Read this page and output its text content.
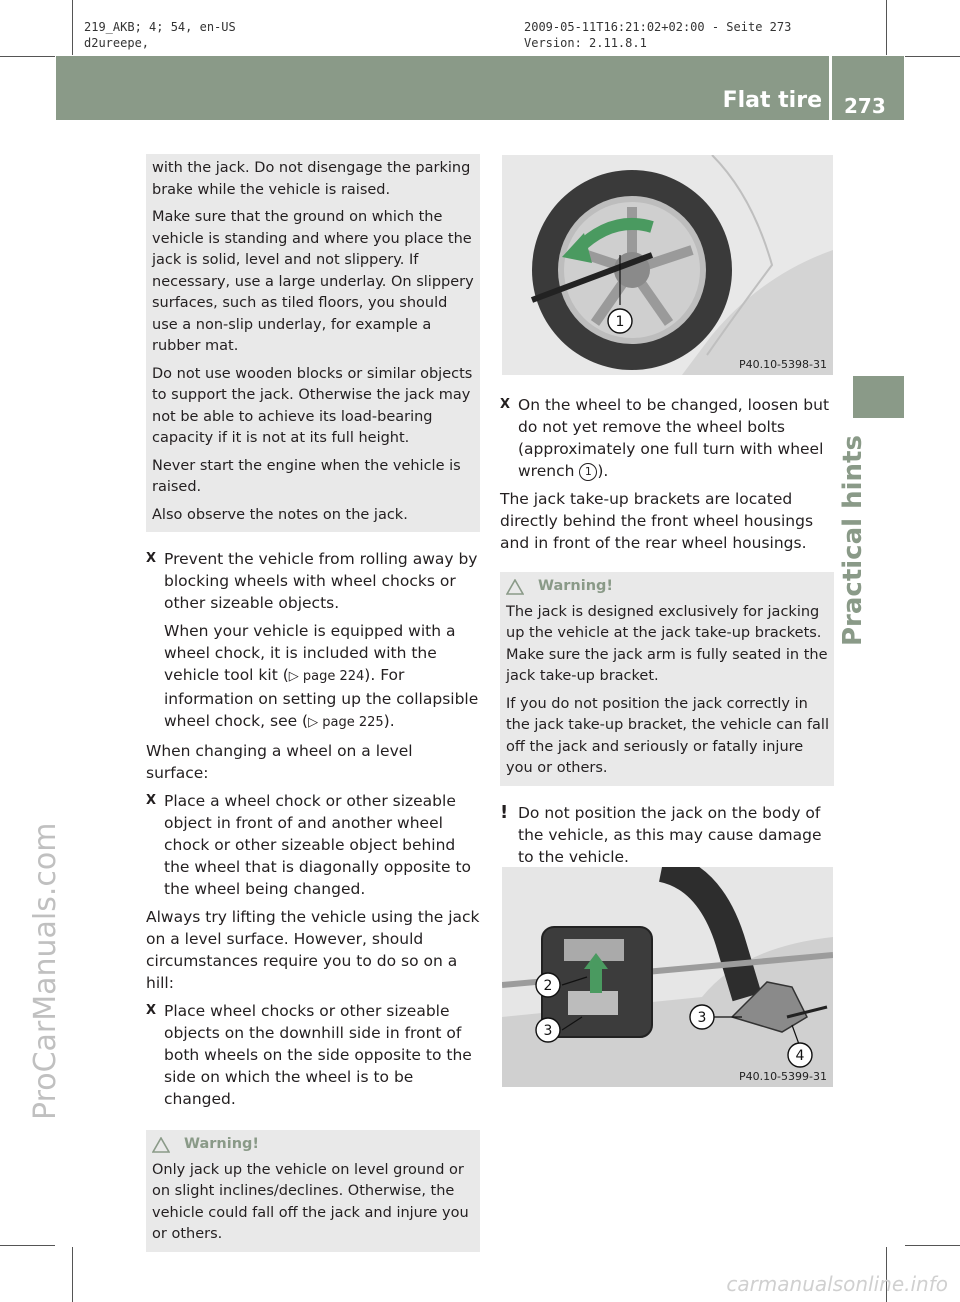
219_AKB; 4; 54, en-US
d2ureepe,
2009-05-11T16:21:02+02:00 - Seite 273
Version: 2.11.8.1
Flat tire 273
Practical hints
ProCarManuals.com
carmanualsonline.info

with the jack. Do not disengage the parking brake while the vehicle is raised.

Make sure that the ground on which the vehicle is standing and where you place the jack is solid, level and not slippery. If necessary, use a large underlay. On slippery surfaces, such as tiled floors, you should use a non-slip underlay, for example a rubber mat.

Do not use wooden blocks or similar objects to support the jack. Otherwise the jack may not be able to achieve its load-bearing capacity if it is not at its full height.

Never start the engine when the vehicle is raised.

Also observe the notes on the jack.

X Prevent the vehicle from rolling away by blocking wheels with wheel chocks or other sizeable objects.
When your vehicle is equipped with a wheel chock, it is included with the vehicle tool kit (▷ page 224). For information on setting up the collapsible wheel chock, see (▷ page 225).

When changing a wheel on a level surface:

X Place a wheel chock or other sizeable object in front of and another wheel chock or other sizeable object behind the wheel that is diagonally opposite to the wheel being changed.

Always try lifting the vehicle using the jack on a level surface. However, should circumstances require you to do so on a hill:

X Place wheel chocks or other sizeable objects on the downhill side in front of both wheels on the side opposite to the side on which the wheel is to be changed.
Warning!

Only jack up the vehicle on level ground or on slight inclines/declines. Otherwise, the vehicle could fall off the jack and injure you or others.

1
P40.10-5398-31
X On the wheel to be changed, loosen but do not yet remove the wheel bolts (approximately one full turn with wheel wrench 1 ).

The jack take-up brackets are located directly behind the front wheel housings and in front of the rear wheel housings.

Warning!

The jack is designed exclusively for jacking up the vehicle at the jack take-up brackets. Make sure the jack arm is fully seated in the jack take-up bracket.

If you do not position the jack correctly in the jack take-up bracket, the vehicle can fall off the jack and seriously or fatally injure you or others.

! Do not position the jack on the body of the vehicle, as this may cause damage to the vehicle.
2
3
3
4
P40.10-5399-31
